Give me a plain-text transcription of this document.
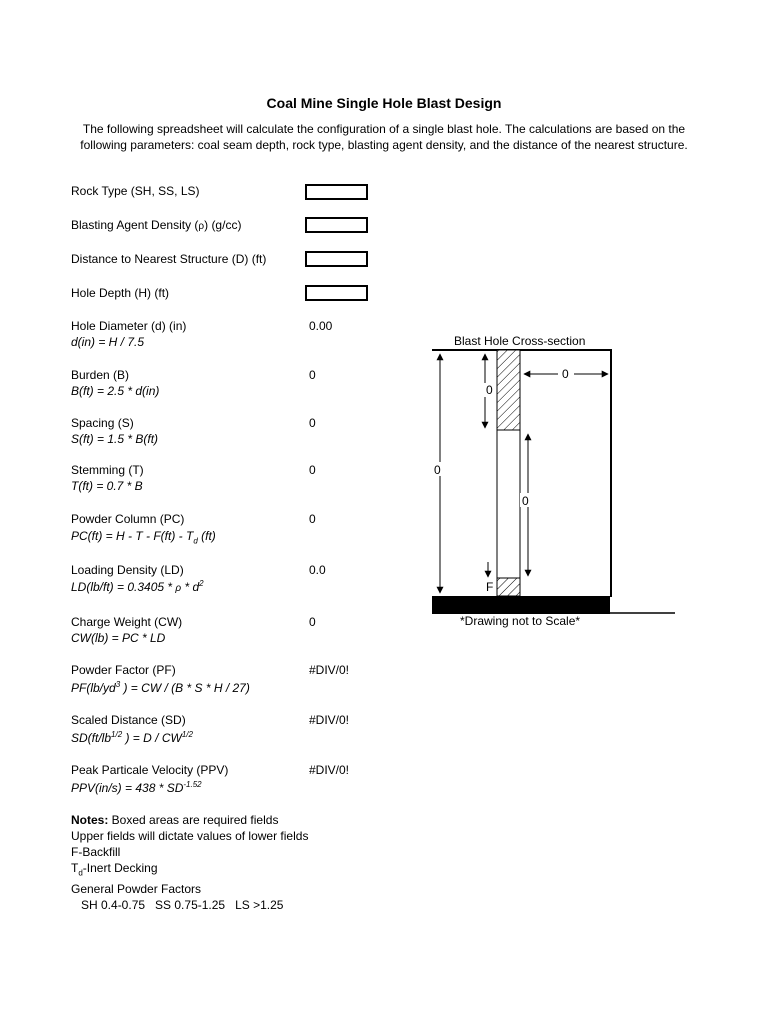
Coal Mine Single Hole Blast Design
The following spreadsheet will calculate the configuration of a single blast hole. The calculations are based on the following parameters: coal seam depth, rock type, blasting agent density, and the distance of the nearest structure.
Rock Type (SH, SS, LS)
Blasting Agent Density (ρ) (g/cc)
Distance to Nearest Structure (D) (ft)
Hole Depth (H) (ft)
Hole Diameter (d) (in)
d(in) = H / 7.5
0.00
Burden (B)
B(ft) = 2.5 * d(in)
0
Spacing (S)
S(ft) = 1.5 * B(ft)
0
Stemming (T)
T(ft) = 0.7 * B
0
Powder Column (PC)
$PC(ft) = H - T - F(ft) - T_d$ (ft)
0
Loading Density (LD)
$LD(lb/ft) = 0.3405 * \rho * d^2$
0.0
Charge Weight (CW)
CW(lb) = PC * LD
0
Powder Factor (PF)
$PF(lb/yd^3$ ) = CW / (B * S * H / 27)
#DIV/0!
Scaled Distance (SD)
$SD(ft/lb^{1/2}$ ) = D / $CW^{1/2}$
#DIV/0!
Peak Particale Velocity (PPV)
$PPV(in/s) = 438 * SD^{-1.52}$
#DIV/0!
Notes: Boxed areas are required fields
Upper fields will dictate values of lower fields
F-Backfill
$T_d$-Inert Decking
General Powder Factors
SH 0.4-0.75   SS 0.75-1.25   LS >1.25
Blast Hole Cross-section
0
0
0
0
F
*Drawing not to Scale*
